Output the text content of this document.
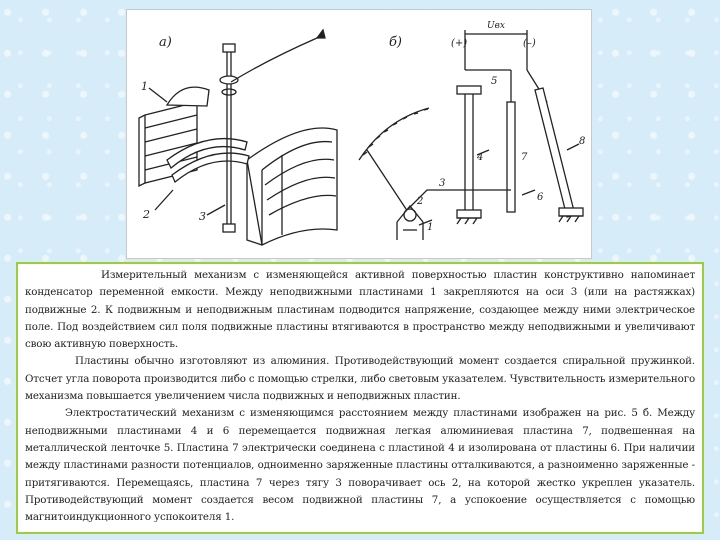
а)	б)
1
2	3
(+)	(–)
Uвх
1
2
3
4
5
6
7
8

Измерительный механизм с изменяющейся активной поверхностью пластин конструктивно напоминает конденсатор переменной емкости. Между неподвижными пластинами 1 закрепляются на оси 3 (или на растяжках) подвижные 2. К подвижным и неподвижным пластинам подводится напряжение, создающее между ними электрическое поле. Под воздействием сил поля подвижные пластины втягиваются в пространство между неподвижными и увеличивают свою активную поверхность.

Пластины обычно изготовляют из алюминия. Противодействующий момент создается спиральной пружинкой. Отсчет угла поворота производится либо с помощью стрелки, либо световым указателем. Чувствительность измерительного механизма повышается увеличением числа подвижных и неподвижных пластин.

Электростатический механизм с изменяющимся расстоянием между пластинами изображен на рис. 5 б. Между неподвижными пластинами 4 и 6 перемещается подвижная легкая алюминиевая пластина 7, подвешенная на металлической ленточке 5. Пластина 7 электрически соединена с пластиной 4 и изолирована от пластины 6. При наличии между пластинами разности потенциалов, одноименно заряженные пластины отталкиваются, а разноименно заряженные - притягиваются. Перемещаясь, пластина 7 через тягу 3 поворачивает ось 2, на которой жестко укреплен указатель. Противодействующий момент создается весом подвижной пластины 7, а успокоение осуществляется с помощью магнитоиндукционного успокоителя 1.
